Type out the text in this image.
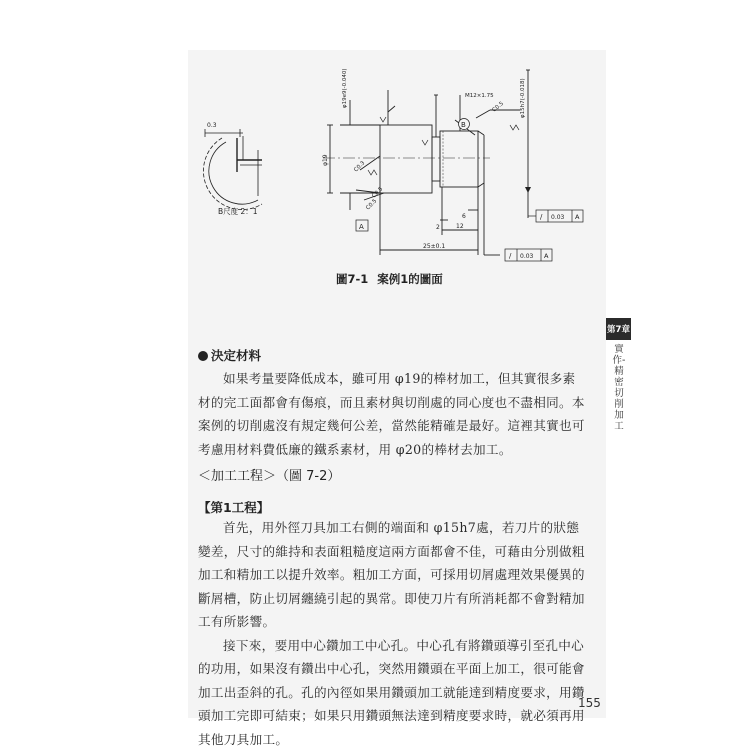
0.3
B尺度 2：1
φ19
φ19e9(-0.040)	φ15h7(-0.018)
M12×1.75
C0.5
C0.3
C0.5
C0.5
2	12
6
25±0.1
B
A
/ 0.03 A
/ 0.03 A
圖7-1 案例1的圖面
第7章
實作-精密切削加工
決定材料

如果考量要降低成本，雖可用 φ19的棒材加工，但其實很多素材的完工面都會有傷痕，而且素材與切削處的同心度也不盡相同。本案例的切削處沒有規定幾何公差，當然能精確是最好。這裡其實也可考慮用材料費低廉的鐵系素材，用 φ20的棒材去加工。

＜加工工程＞（圖 7-2）
【第1工程】

首先，用外徑刀具加工右側的端面和 φ15h7處，若刀片的狀態變差，尺寸的維持和表面粗糙度這兩方面都會不佳，可藉由分別做粗加工和精加工以提升效率。粗加工方面，可採用切屑處理效果優異的斷屑槽，防止切屑纏繞引起的異常。即使刀片有所消耗都不會對精加工有所影響。

接下來，要用中心鑽加工中心孔。中心孔有將鑽頭導引至孔中心的功用，如果沒有鑽出中心孔，突然用鑽頭在平面上加工，很可能會加工出歪斜的孔。孔的內徑如果用鑽頭加工就能達到精度要求，用鑽頭加工完即可結束；如果只用鑽頭無法達到精度要求時，就必須再用其他刀具加工。

155
